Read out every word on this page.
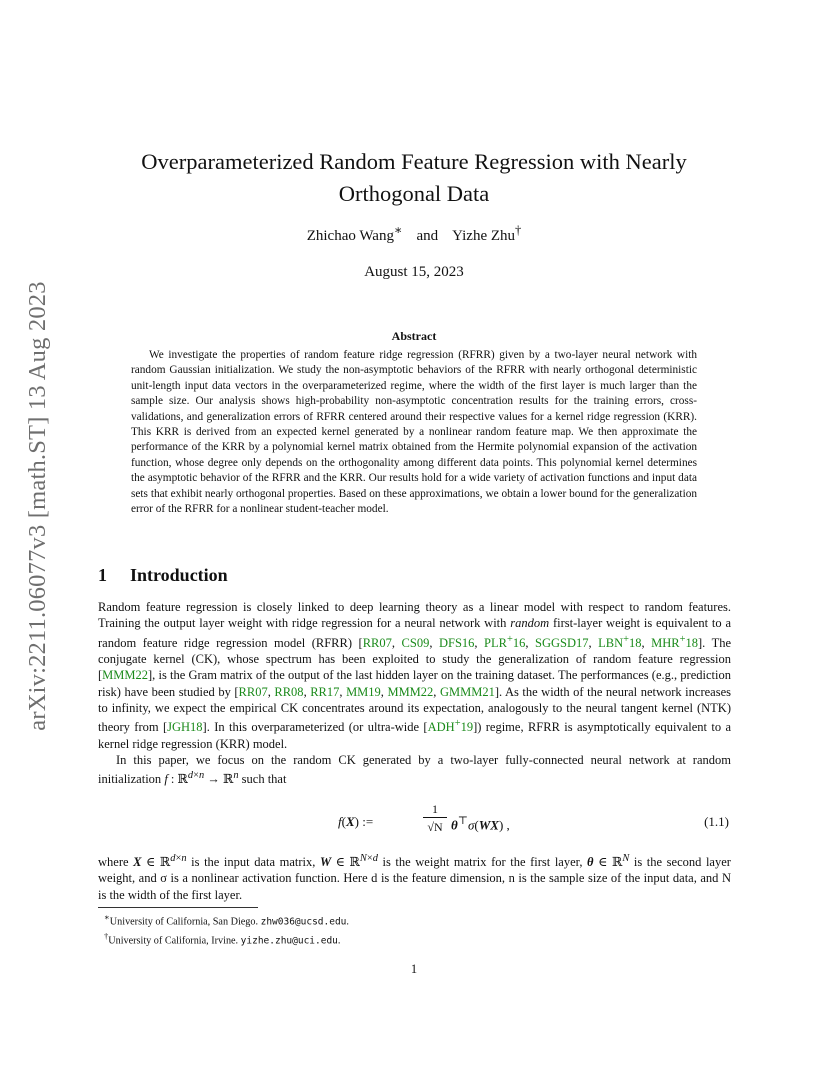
arXiv:2211.06077v3 [math.ST] 13 Aug 2023
Overparameterized Random Feature Regression with Nearly
Orthogonal Data
Zhichao Wang∗ and Yizhe Zhu†
August 15, 2023
Abstract

We investigate the properties of random feature ridge regression (RFRR) given by a two-layer neural network with random Gaussian initialization. We study the non-asymptotic behaviors of the RFRR with nearly orthogonal deterministic unit-length input data vectors in the overparameterized regime, where the width of the first layer is much larger than the sample size. Our analysis shows high-probability non-asymptotic concentration results for the training errors, cross-validations, and generalization errors of RFRR centered around their respective values for a kernel ridge regression (KRR). This KRR is derived from an expected kernel generated by a nonlinear random feature map. We then approximate the performance of the KRR by a polynomial kernel matrix obtained from the Hermite polynomial expansion of the activation function, whose degree only depends on the orthogonality among different data points. This polynomial kernel determines the asymptotic behavior of the RFRR and the KRR. Our results hold for a wide variety of activation functions and input data sets that exhibit nearly orthogonal properties. Based on these approximations, we obtain a lower bound for the generalization error of the RFRR for a nonlinear student-teacher model.

1 Introduction

Random feature regression is closely linked to deep learning theory as a linear model with respect to random features. Training the output layer weight with ridge regression for a neural network with random first-layer weight is equivalent to a random feature ridge regression model (RFRR) [RR07, CS09, DFS16, PLR+16, SGGSD17, LBN+18, MHR+18]. The conjugate kernel (CK), whose spectrum has been exploited to study the generalization of random feature regression [MMM22], is the Gram matrix of the output of the last hidden layer on the training dataset. The performances (e.g., prediction risk) have been studied by [RR07, RR08, RR17, MM19, MMM22, GMMM21]. As the width of the neural network increases to infinity, we expect the empirical CK concentrates around its expectation, analogously to the neural tangent kernel (NTK) theory from [JGH18]. In this overparameterized (or ultra-wide [ADH+19]) regime, RFRR is asymptotically equivalent to a kernel ridge regression (KRR) model.

In this paper, we focus on the random CK generated by a two-layer fully-connected neural network at random initialization f : ℝ$^{d\times n}$ → ℝ$^n$ such that

f(X) :=
1
√N θ⊤σ(WX) ,	(1.1)
where X ∈ ℝ$^{d\times n}$ is the input data matrix, W ∈ ℝ$^{N\times d}$ is the weight matrix for the first layer, θ ∈ ℝ$^N$ is the second layer weight, and σ is a nonlinear activation function. Here d is the feature dimension, n is the sample size of the input data, and N is the width of the first layer.
∗University of California, San Diego. zhw036@ucsd.edu.
†University of California, Irvine. yizhe.zhu@uci.edu.
1
